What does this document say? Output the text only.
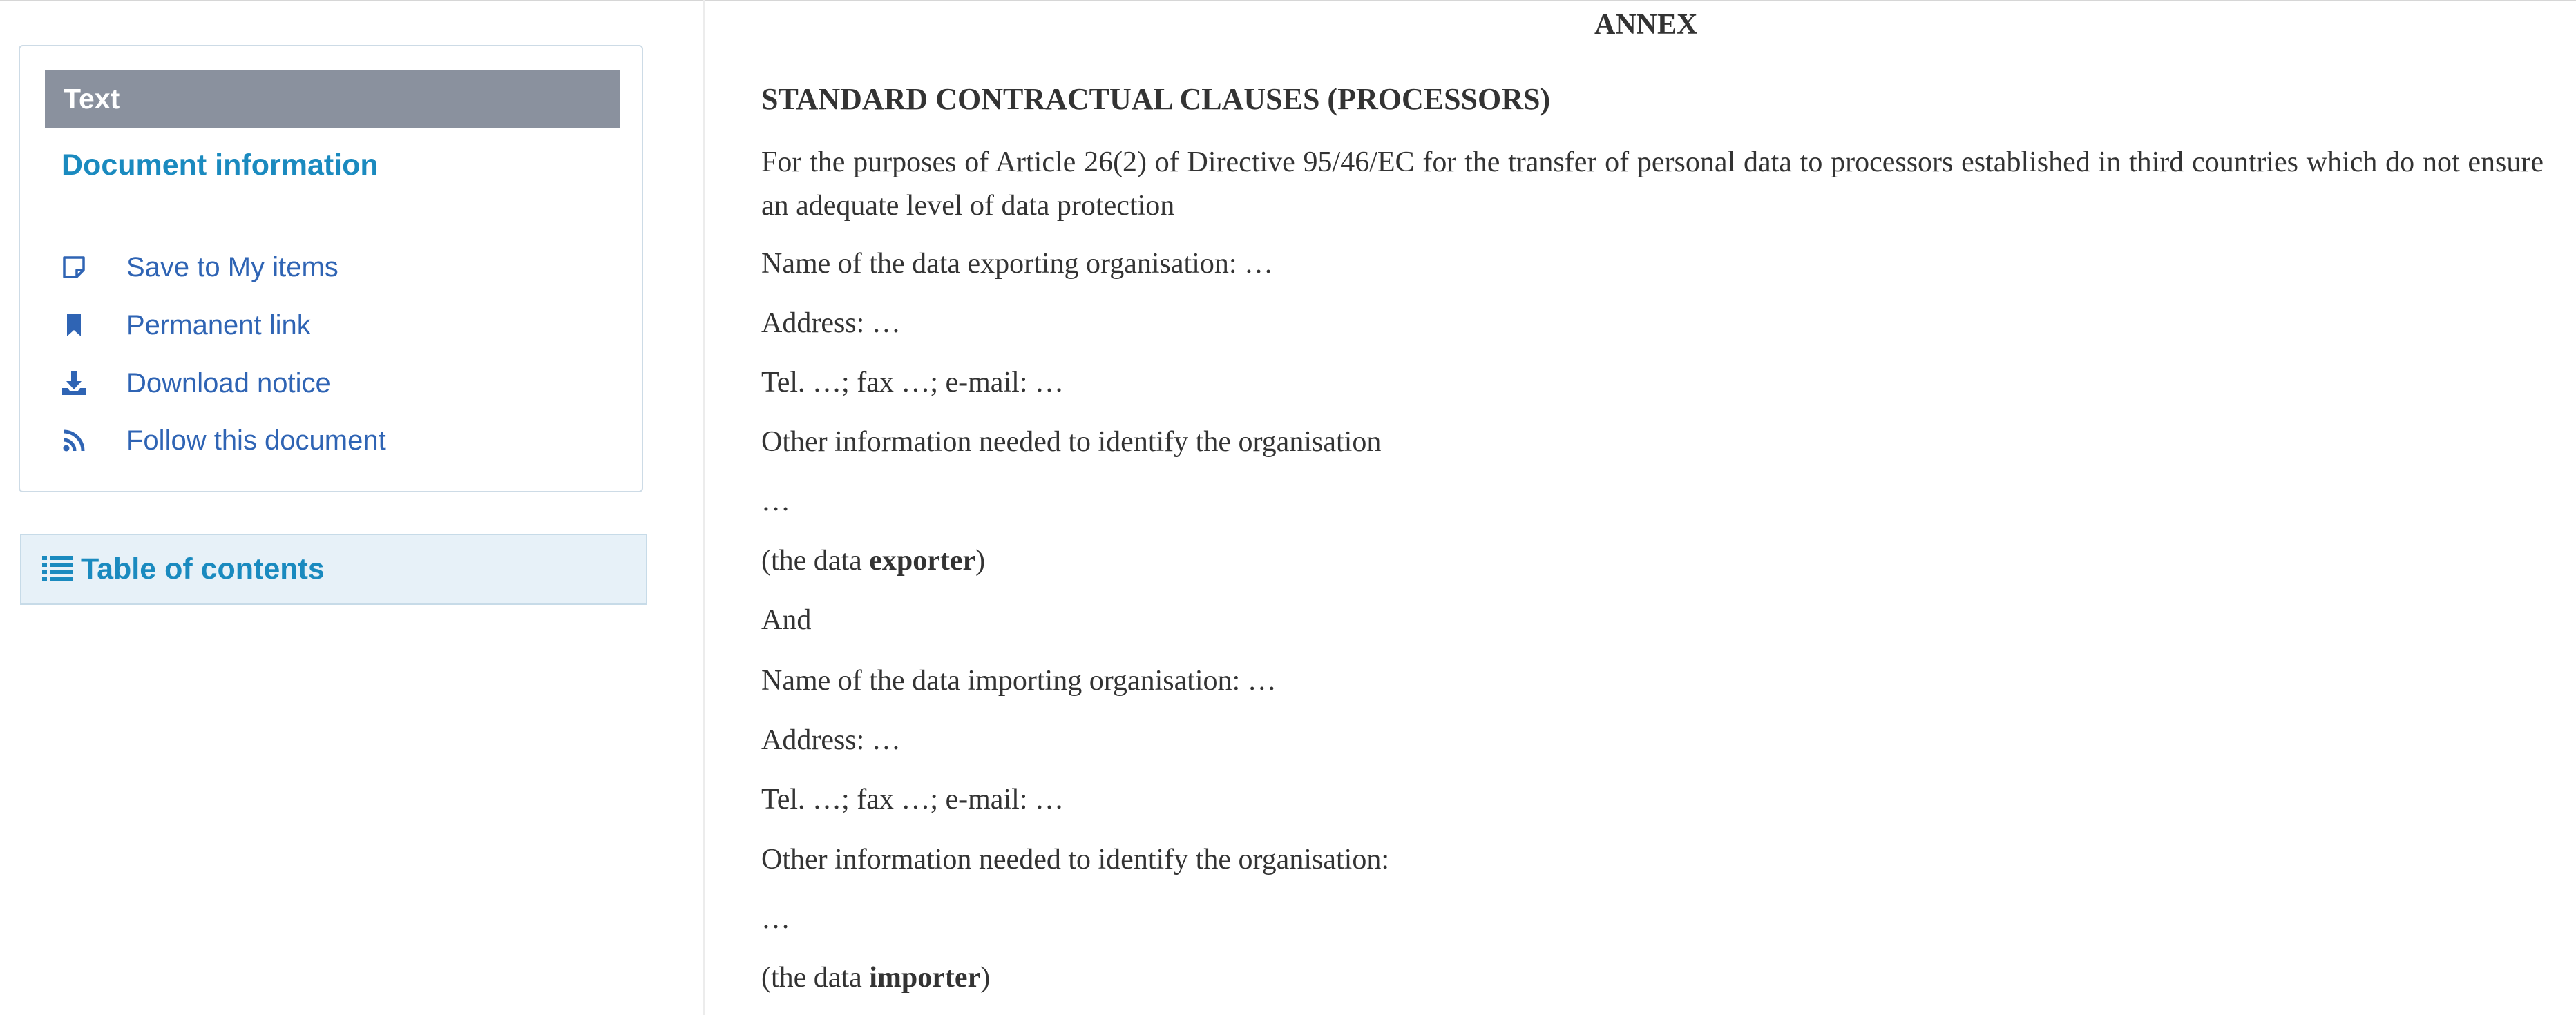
Text
Document information
Save to My items
Permanent link
Download notice
Follow this document
Table of contents

ANNEX

STANDARD CONTRACTUAL CLAUSES (PROCESSORS)

For the purposes of Article 26(2) of Directive 95/46/EC for the transfer of personal data to processors established in third countries which do not ensure an adequate level of data protection

Name of the data exporting organisation: …

Address: …

Tel. …; fax …; e-mail: …

Other information needed to identify the organisation

…

(the data exporter)

And

Name of the data importing organisation: …

Address: …

Tel. …; fax …; e-mail: …

Other information needed to identify the organisation:

…

(the data importer)
